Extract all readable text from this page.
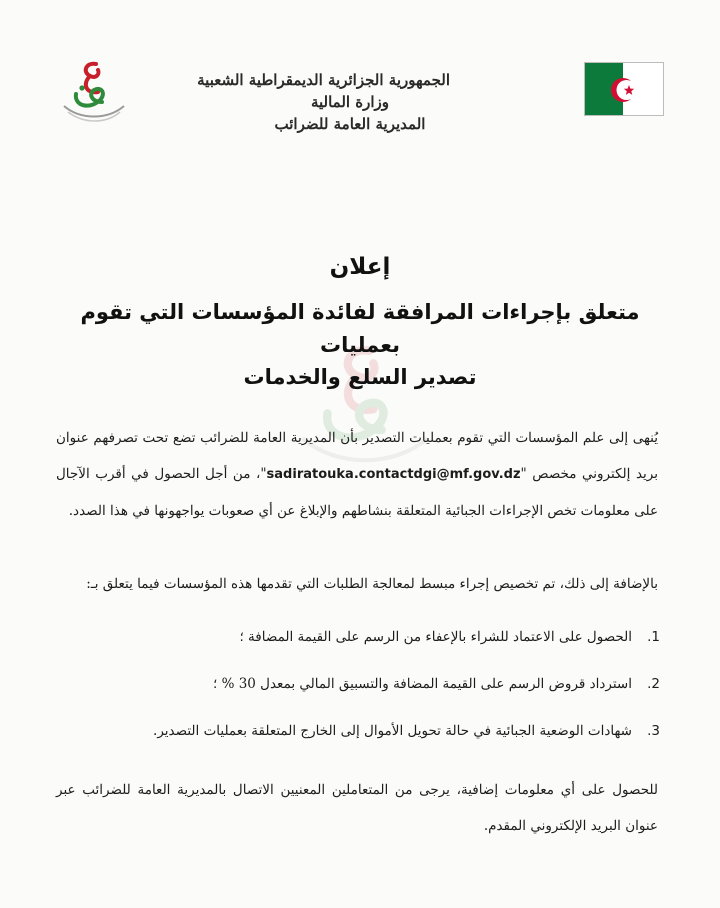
الجمهورية الجزائرية الديمقراطية الشعبية
وزارة المالية
المديرية العامة للضرائب
إعلان
متعلق بإجراءات المرافقة لفائدة المؤسسات التي تقوم بعمليات
تصدير السلع والخدمات

يُنهى إلى علم المؤسسات التي تقوم بعمليات التصدير بأن المديرية العامة للضرائب تضع تحت تصرفهم عنوان بريد إلكتروني مخصص "sadiratouka.contactdgi@mf.gov.dz"، من أجل الحصول في أقرب الآجال على معلومات تخص الإجراءات الجبائية المتعلقة بنشاطهم والإبلاغ عن أي صعوبات يواجهونها في هذا الصدد.

بالإضافة إلى ذلك، تم تخصيص إجراء مبسط لمعالجة الطلبات التي تقدمها هذه المؤسسات فيما يتعلق بـ:

1.
الحصول على الاعتماد للشراء بالإعفاء من الرسم على القيمة المضافة ؛
2.
استرداد قروض الرسم على القيمة المضافة والتسبيق المالي بمعدل 30 % ؛
3.
شهادات الوضعية الجبائية في حالة تحويل الأموال إلى الخارج المتعلقة بعمليات التصدير.

للحصول على أي معلومات إضافية، يرجى من المتعاملين المعنيين الاتصال بالمديرية العامة للضرائب عبر عنوان البريد الإلكتروني المقدم.
